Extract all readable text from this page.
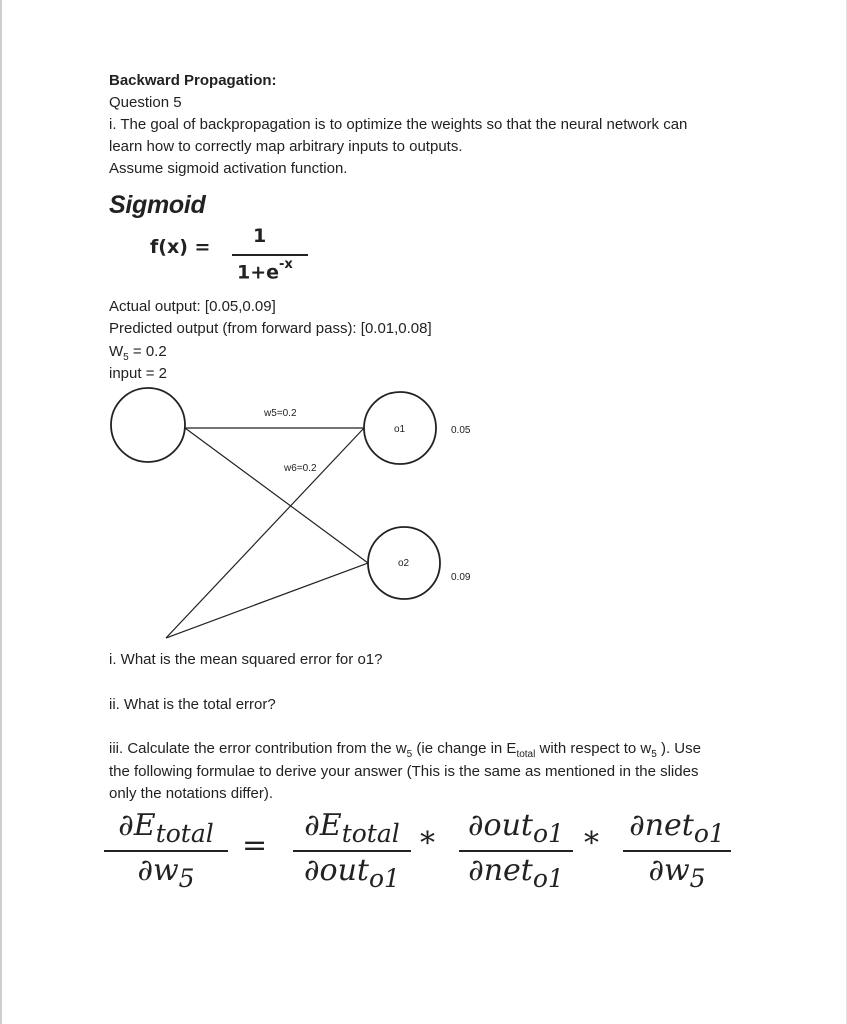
Backward Propagation:
Question 5
i. The goal of backpropagation is to optimize the weights so that the neural network can
learn how to correctly map arbitrary inputs to outputs.
Assume sigmoid activation function.
Sigmoid
f(x) = 1
$1+e^{-x}$
Actual output: [0.05,0.09]
Predicted output (from forward pass): [0.01,0.08]
$W_5 = 0.2$
input = 2
w5=0.2
w6=0.2
o1
o2
0.05
0.09
i. What is the mean squared error for o1?
ii. What is the total error?
iii. Calculate the error contribution from the $w_5$ (ie change in $E_{total}$ with respect to $w_5$ ). Use
the following formulae to derive your answer (This is the same as mentioned in the slides
only the notations differ).
$\partial E_{total}$
$\partial w_5$
=
$\partial E_{total}$
∂out$_{o1}$
*
∂out$_{o1}$
∂net$_{o1}$
*
∂net$_{o1}$
$\partial w_5$
